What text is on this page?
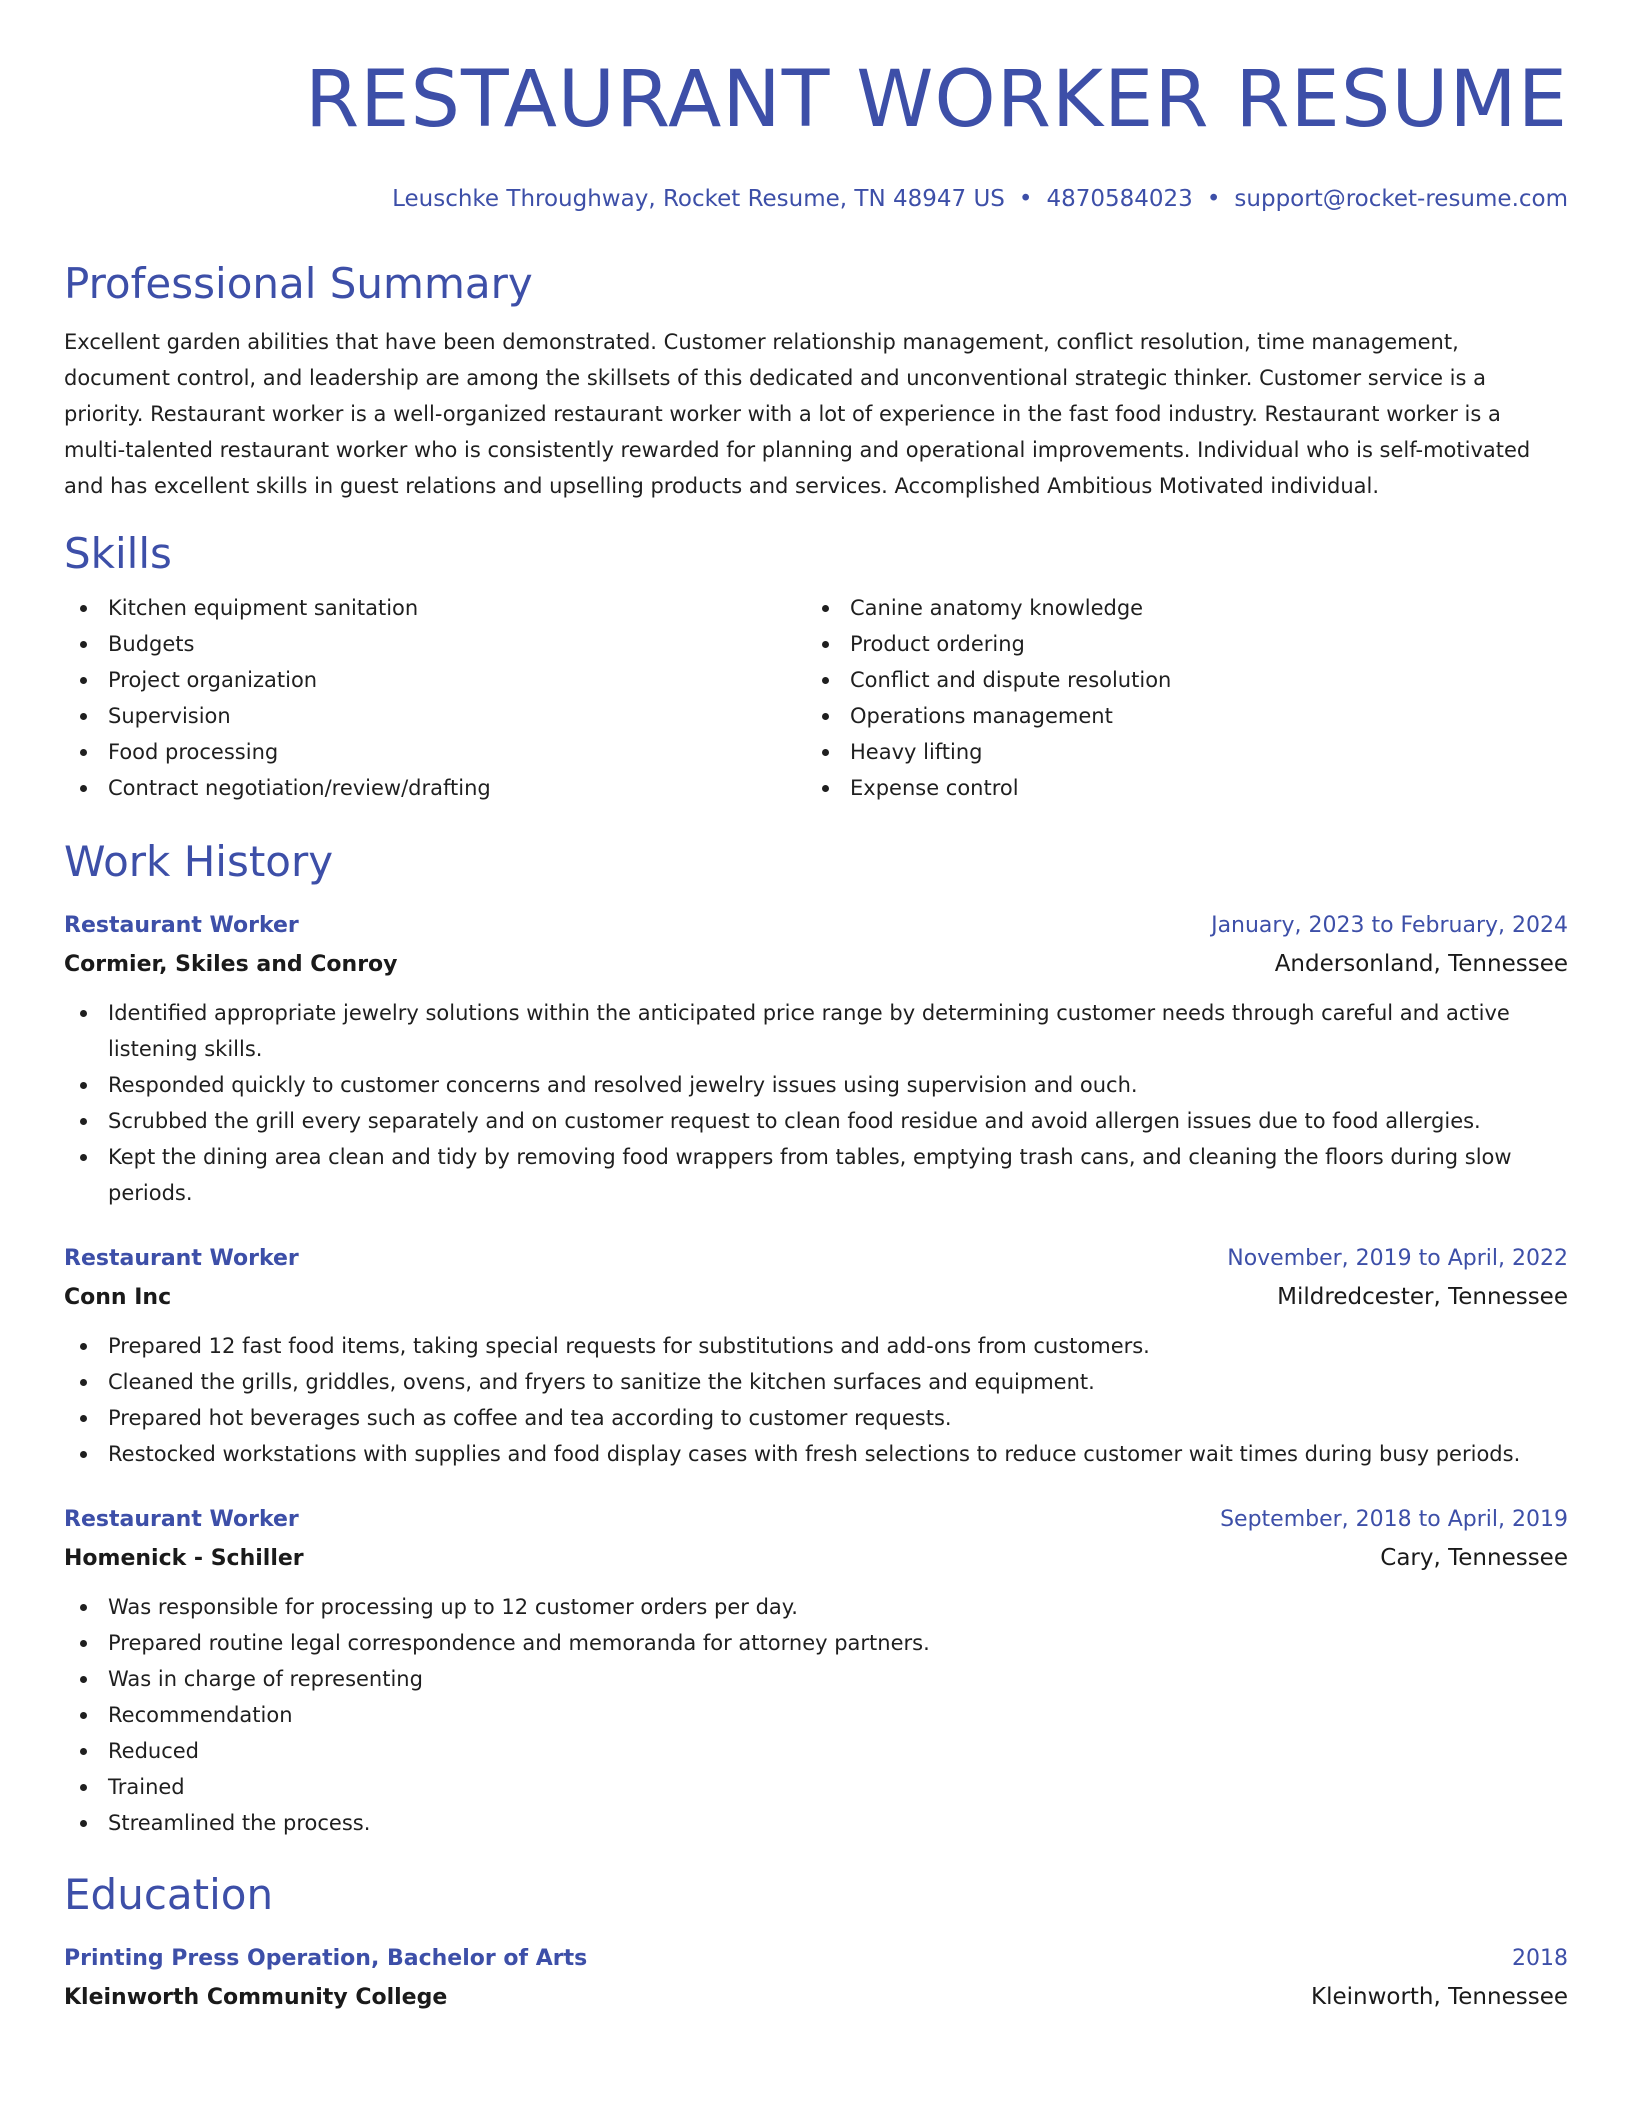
RESTAURANT WORKER RESUME
Leuschke Throughway, Rocket Resume, TN 48947 US • 4870584023 • support@rocket-resume.com
Professional Summary

Excellent garden abilities that have been demonstrated. Customer relationship management, conflict resolution, time management, document control, and leadership are among the skillsets of this dedicated and unconventional strategic thinker. Customer service is a priority. Restaurant worker is a well-organized restaurant worker with a lot of experience in the fast food industry. Restaurant worker is a multi-talented restaurant worker who is consistently rewarded for planning and operational improvements. Individual who is self-motivated and has excellent skills in guest relations and upselling products and services. Accomplished Ambitious Motivated individual.

Skills
Kitchen equipment sanitation
Budgets
Project organization
Supervision
Food processing
Contract negotiation/review/drafting
Canine anatomy knowledge
Product ordering
Conflict and dispute resolution
Operations management
Heavy lifting
Expense control
Work History
Restaurant Worker	January, 2023 to February, 2024
Cormier, Skiles and Conroy	Andersonland, Tennessee
Identified appropriate jewelry solutions within the anticipated price range by determining customer needs through careful and active listening skills.
Responded quickly to customer concerns and resolved jewelry issues using supervision and ouch.
Scrubbed the grill every separately and on customer request to clean food residue and avoid allergen issues due to food allergies.
Kept the dining area clean and tidy by removing food wrappers from tables, emptying trash cans, and cleaning the floors during slow periods.
Restaurant Worker	November, 2019 to April, 2022
Conn Inc	Mildredcester, Tennessee
Prepared 12 fast food items, taking special requests for substitutions and add-ons from customers.
Cleaned the grills, griddles, ovens, and fryers to sanitize the kitchen surfaces and equipment.
Prepared hot beverages such as coffee and tea according to customer requests.
Restocked workstations with supplies and food display cases with fresh selections to reduce customer wait times during busy periods.
Restaurant Worker	September, 2018 to April, 2019
Homenick - Schiller	Cary, Tennessee
Was responsible for processing up to 12 customer orders per day.
Prepared routine legal correspondence and memoranda for attorney partners.
Was in charge of representing
Recommendation
Reduced
Trained
Streamlined the process.
Education
Printing Press Operation, Bachelor of Arts	2018
Kleinworth Community College	Kleinworth, Tennessee
